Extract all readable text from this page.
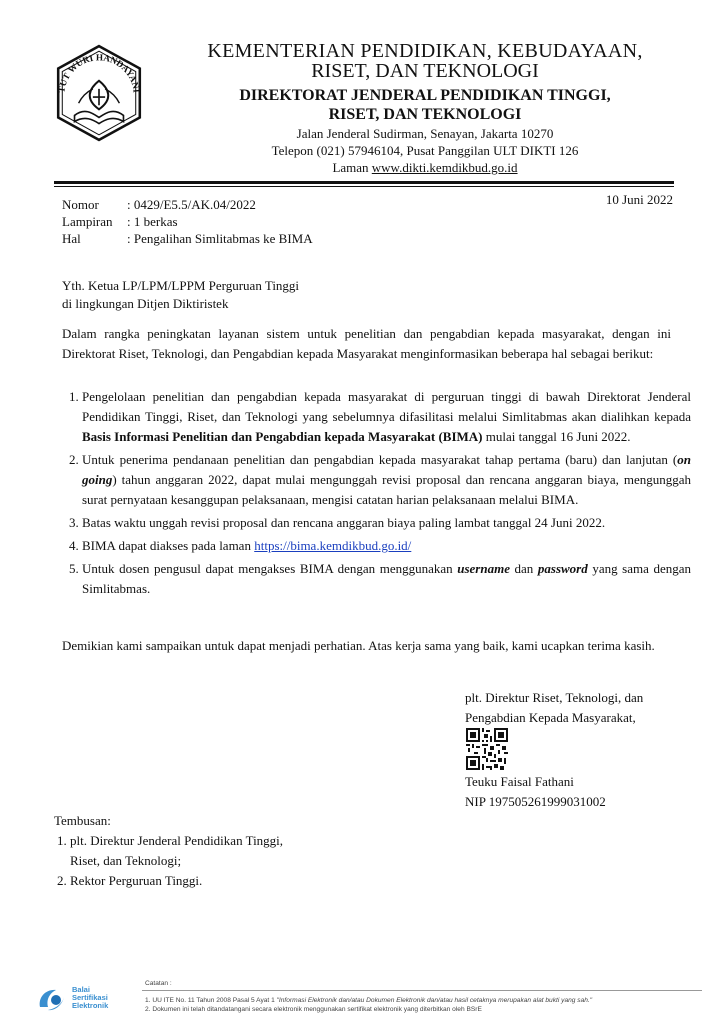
TUT WURI HANDAYANI
KEMENTERIAN PENDIDIKAN, KEBUDAYAAN,
RISET, DAN TEKNOLOGI
DIREKTORAT JENDERAL PENDIDIKAN TINGGI,
RISET, DAN TEKNOLOGI
Jalan Jenderal Sudirman, Senayan, Jakarta 10270
Telepon (021) 57946104, Pusat Panggilan ULT DIKTI 126
Laman www.dikti.kemdikbud.go.id
Nomor	: 0429/E5.5/AK.04/2022
Lampiran	: 1 berkas
Hal	: Pengalihan Simlitabmas ke BIMA
10 Juni 2022
Yth. Ketua LP/LPM/LPPM Perguruan Tinggi
di lingkungan Ditjen Diktiristek
Dalam rangka peningkatan layanan sistem untuk penelitian dan pengabdian kepada masyarakat, dengan ini Direktorat Riset, Teknologi, dan Pengabdian kepada Masyarakat menginformasikan beberapa hal sebagai berikut:
1. Pengelolaan penelitian dan pengabdian kepada masyarakat di perguruan tinggi di bawah Direktorat Jenderal Pendidikan Tinggi, Riset, dan Teknologi yang sebelumnya difasilitasi melalui Simlitabmas akan dialihkan kepada Basis Informasi Penelitian dan Pengabdian kepada Masyarakat (BIMA) mulai tanggal 16 Juni 2022.
2. Untuk penerima pendanaan penelitian dan pengabdian kepada masyarakat tahap pertama (baru) dan lanjutan (on going) tahun anggaran 2022, dapat mulai mengunggah revisi proposal dan rencana anggaran biaya, mengunggah surat pernyataan kesanggupan pelaksanaan, mengisi catatan harian pelaksanaan melalui BIMA.
3. Batas waktu unggah revisi proposal dan rencana anggaran biaya paling lambat tanggal 24 Juni 2022.
4. BIMA dapat diakses pada laman https://bima.kemdikbud.go.id/
5. Untuk dosen pengusul dapat mengakses BIMA dengan menggunakan username dan password yang sama dengan Simlitabmas.
Demikian kami sampaikan untuk dapat menjadi perhatian. Atas kerja sama yang baik, kami ucapkan terima kasih.
plt. Direktur Riset, Teknologi, dan
Pengabdian Kepada Masyarakat,
Teuku Faisal Fathani
NIP 197505261999031002
Tembusan:
1. plt. Direktur Jenderal Pendidikan Tinggi,
Riset, dan Teknologi;
2. Rektor Perguruan Tinggi.
Balai
Sertifikasi
Elektronik
Catatan :
1. UU ITE No. 11 Tahun 2008 Pasal 5 Ayat 1 "Informasi Elektronik dan/atau Dokumen Elektronik dan/atau hasil cetaknya merupakan alat bukti yang sah."
2. Dokumen ini telah ditandatangani secara elektronik menggunakan sertifikat elektronik yang diterbitkan oleh BSrE
